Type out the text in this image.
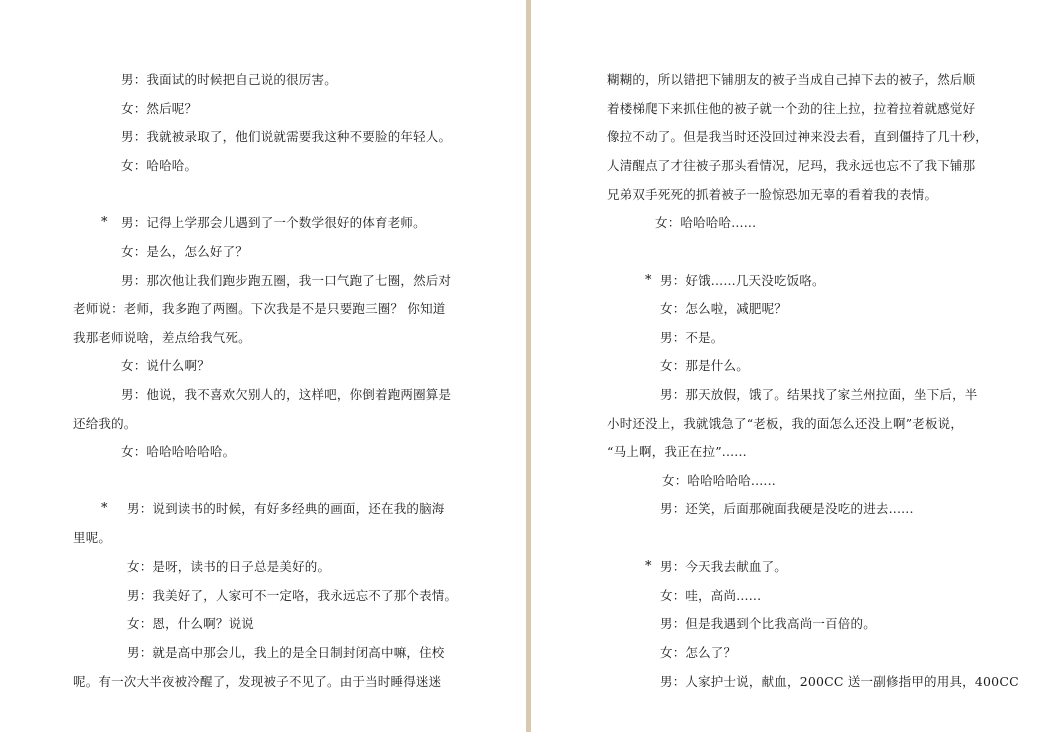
男：我面试的时候把自己说的很厉害。
女：然后呢？
男：我就被录取了，他们说就需要我这种不要脸的年轻人。
女：哈哈哈。
* 男：记得上学那会儿遇到了一个数学很好的体育老师。
女：是么，怎么好了？
男：那次他让我们跑步跑五圈，我一口气跑了七圈，然后对
老师说：老师，我多跑了两圈。下次我是不是只要跑三圈？ 你知道
我那老师说啥，差点给我气死。
女：说什么啊？
男：他说，我不喜欢欠别人的，这样吧，你倒着跑两圈算是
还给我的。
女：哈哈哈哈哈哈。
* 男：说到读书的时候，有好多经典的画面，还在我的脑海
里呢。
女：是呀，读书的日子总是美好的。
男：我美好了，人家可不一定咯，我永远忘不了那个表情。
女：恩，什么啊？说说
男：就是高中那会儿，我上的是全日制封闭高中嘛，住校
呢。有一次大半夜被冷醒了，发现被子不见了。由于当时睡得迷迷
糊糊的，所以错把下铺朋友的被子当成自己掉下去的被子，然后顺
着楼梯爬下来抓住他的被子就一个劲的往上拉，拉着拉着就感觉好
像拉不动了。但是我当时还没回过神来没去看，直到僵持了几十秒，
人清醒点了才往被子那头看情况，尼玛，我永远也忘不了我下铺那
兄弟双手死死的抓着被子一脸惊恐加无辜的看着我的表情。
女：哈哈哈哈......
* 男：好饿......几天没吃饭咯。
女：怎么啦，减肥呢？
男：不是。
女：那是什么。
男：那天放假，饿了。结果找了家兰州拉面，坐下后，半
小时还没上，我就饿急了“老板，我的面怎么还没上啊”老板说，
“马上啊，我正在拉”......
女：哈哈哈哈哈......
男：还笑，后面那碗面我硬是没吃的进去......
* 男：今天我去献血了。
女：哇，高尚......
男：但是我遇到个比我高尚一百倍的。
女：怎么了？
男：人家护士说，献血，200CC 送一副修指甲的用具，400CC
